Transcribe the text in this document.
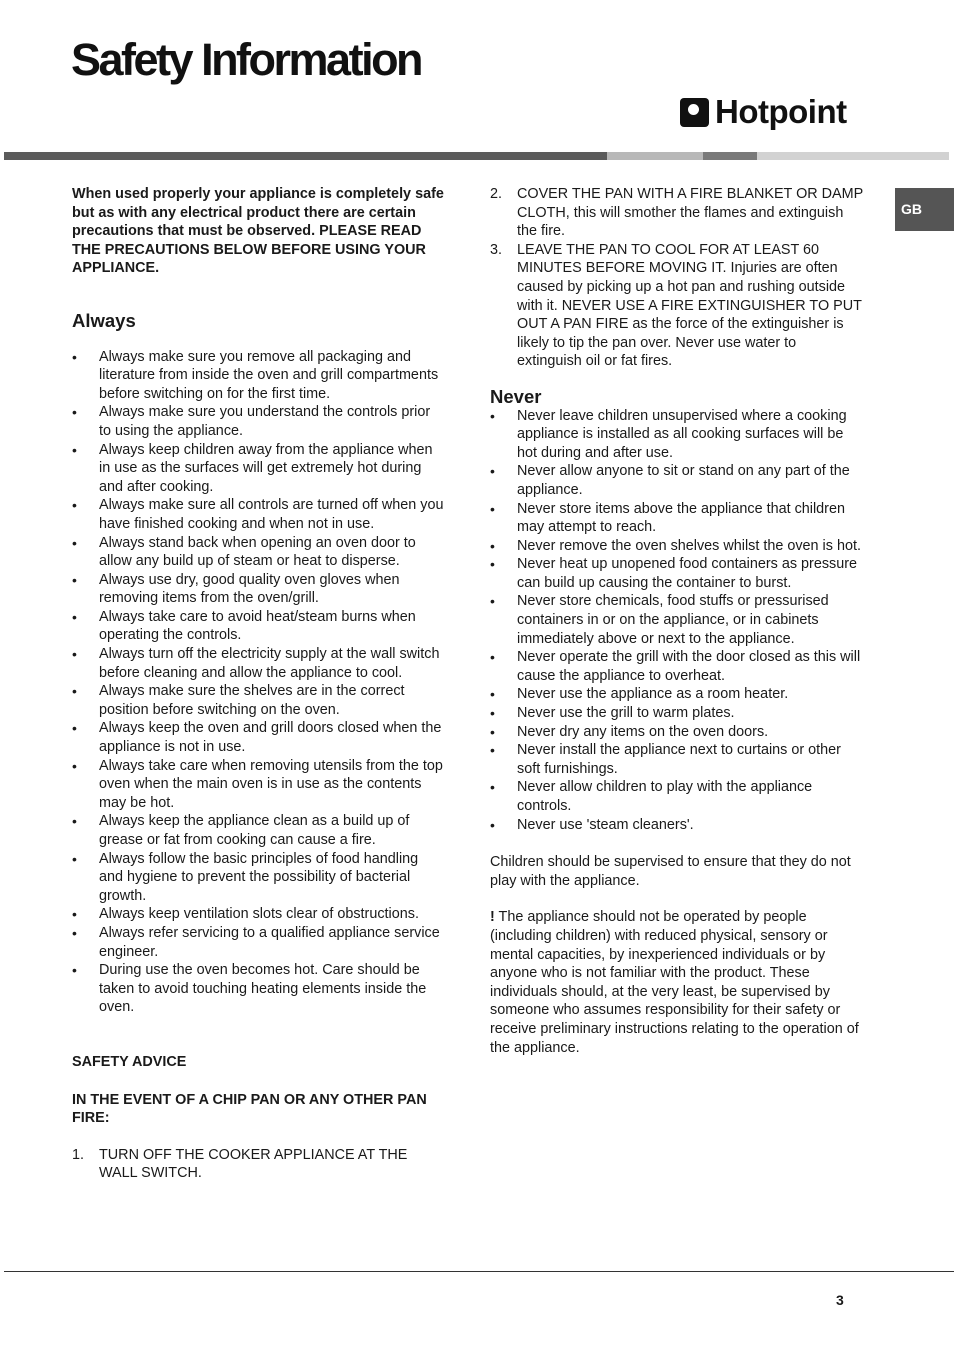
Safety Information
Hotpoint
GB

When used properly your appliance is completely safe but as with any electrical product there are certain precautions that must be observed. PLEASE READ THE PRECAUTIONS BELOW BEFORE USING YOUR APPLIANCE.

Always
• Always make sure you remove all packaging and literature from inside the oven and grill compartments before switching on for the first time.
• Always make sure you understand the controls prior to using the appliance.
• Always keep children away from the appliance when in use as the surfaces will get extremely hot during and after cooking.
• Always make sure all controls are turned off when you have finished cooking and when not in use.
• Always stand back when opening an oven door to allow any build up of steam or heat to disperse.
• Always use dry, good quality oven gloves when removing items from the oven/grill.
• Always take care to avoid heat/steam burns when operating the controls.
• Always turn off the electricity supply at the wall switch before cleaning and allow the appliance to cool.
• Always make sure the shelves are in the correct position before switching on the oven.
• Always keep the oven and grill doors closed when the appliance is not in use.
• Always take care when removing utensils from the top oven when the main oven is in use as the contents may be hot.
• Always keep the appliance clean as a build up of grease or fat from cooking can cause a fire.
• Always follow the basic principles of food handling and hygiene to prevent the possibility of bacterial growth.
• Always keep ventilation slots clear of obstructions.
• Always refer servicing to a qualified appliance service engineer.
• During use the oven becomes hot. Care should be taken to avoid touching heating elements inside the oven.

SAFETY ADVICE

IN THE EVENT OF A CHIP PAN OR ANY OTHER PAN FIRE:

1. TURN OFF THE COOKER APPLIANCE AT THE WALL SWITCH.
2. COVER THE PAN WITH A FIRE BLANKET OR DAMP CLOTH, this will smother the flames and extinguish the fire.
3. LEAVE THE PAN TO COOL FOR AT LEAST 60 MINUTES BEFORE MOVING IT. Injuries are often caused by picking up a hot pan and rushing outside with it. NEVER USE A FIRE EXTINGUISHER TO PUT OUT A PAN FIRE as the force of the extinguisher is likely to tip the pan over. Never use water to extinguish oil or fat fires.
Never
• Never leave children unsupervised where a cooking appliance is installed as all cooking surfaces will be hot during and after use.
• Never allow anyone to sit or stand on any part of the appliance.
• Never store items above the appliance that children may attempt to reach.
• Never remove the oven shelves whilst the oven is hot.
• Never heat up unopened food containers as pressure can build up causing the container to burst.
• Never store chemicals, food stuffs or pressurised containers in or on the appliance, or in cabinets immediately above or next to the appliance.
• Never operate the grill with the door closed as this will cause the appliance to overheat.
• Never use the appliance as a room heater.
• Never use the grill to warm plates.
• Never dry any items on the oven doors.
• Never install the appliance next to curtains or other soft furnishings.
• Never allow children to play with the appliance controls.
• Never use 'steam cleaners'.

Children should be supervised to ensure that they do not play with the appliance.

! The appliance should not be operated by people (including children) with reduced physical, sensory or mental capacities, by inexperienced individuals or by anyone who is not familiar with the product. These individuals should, at the very least, be supervised by someone who assumes responsibility for their safety or receive preliminary instructions relating to the operation of the appliance.

3
